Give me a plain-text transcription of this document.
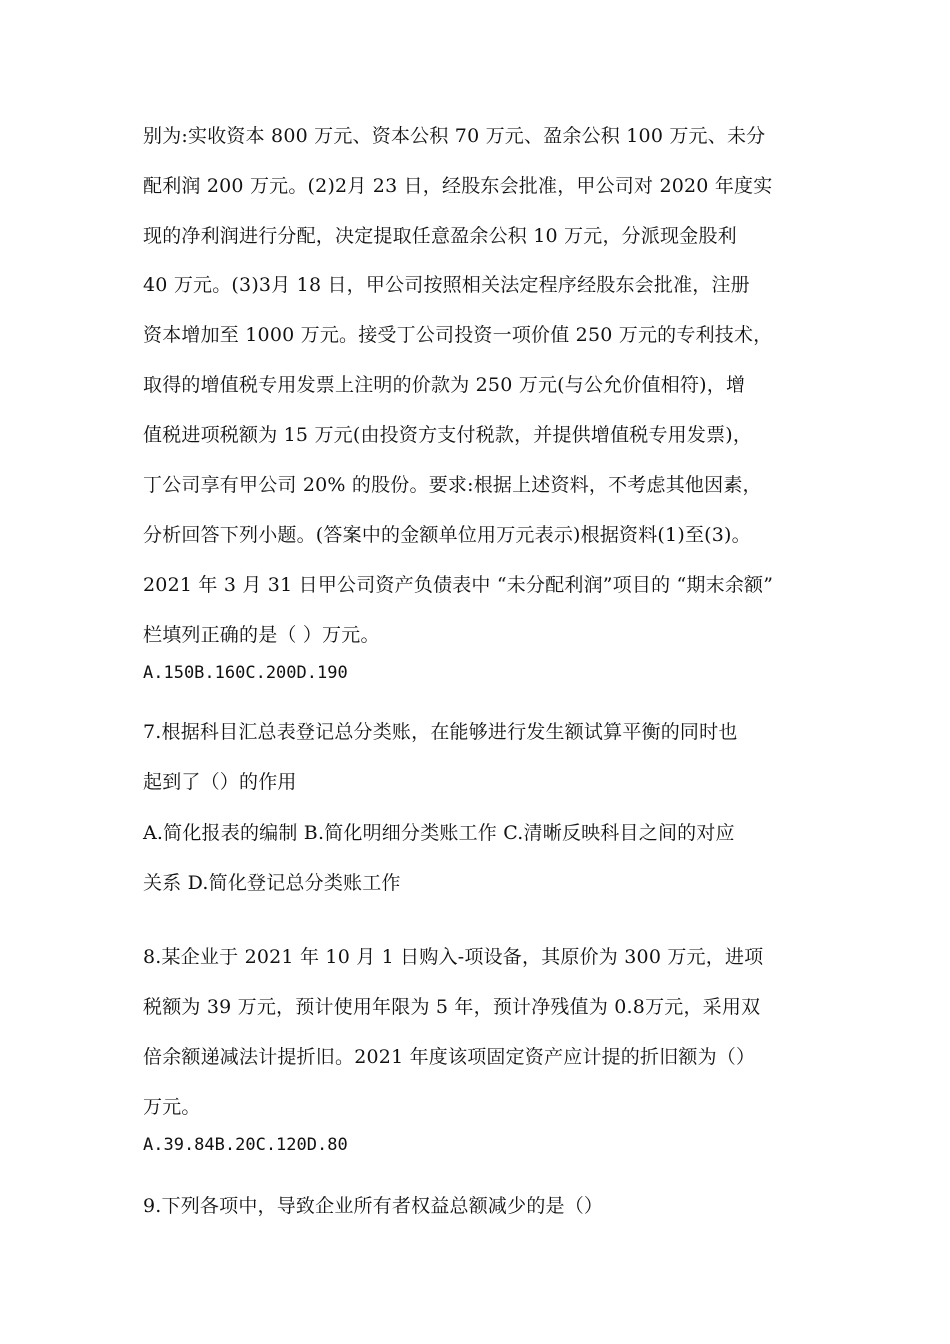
别为:实收资本 800 万元、资本公积 70 万元、盈余公积 100 万元、未分
配利润 200 万元。(2)2月 23 日，经股东会批准，甲公司对 2020 年度实
现的净利润进行分配，决定提取任意盈余公积 10 万元，分派现金股利
40 万元。(3)3月 18 日，甲公司按照相关法定程序经股东会批准，注册
资本增加至 1000 万元。接受丁公司投资一项价值 250 万元的专利技术，
取得的增值税专用发票上注明的价款为 250 万元(与公允价值相符)，增
值税进项税额为 15 万元(由投资方支付税款，并提供增值税专用发票)，
丁公司享有甲公司 20% 的股份。要求:根据上述资料，不考虑其他因素，
分析回答下列小题。(答案中的金额单位用万元表示)根据资料(1)至(3)。
2021 年 3 月 31 日甲公司资产负债表中 “未分配利润”项目的 “期末余额”
栏填列正确的是（ ）万元。
A.150B.160C.200D.190
7.根据科目汇总表登记总分类账，在能够进行发生额试算平衡的同时也
起到了（）的作用
A.简化报表的编制 B.简化明细分类账工作 C.清晰反映科目之间的对应
关系 D.简化登记总分类账工作
8.某企业于 2021 年 10 月 1 日购入-项设备，其原价为 300 万元，进项
税额为 39 万元，预计使用年限为 5 年，预计净残值为 0.8万元，采用双
倍余额递减法计提折旧。2021 年度该项固定资产应计提的折旧额为（）
万元。
A.39.84B.20C.120D.80
9.下列各项中，导致企业所有者权益总额减少的是（）
